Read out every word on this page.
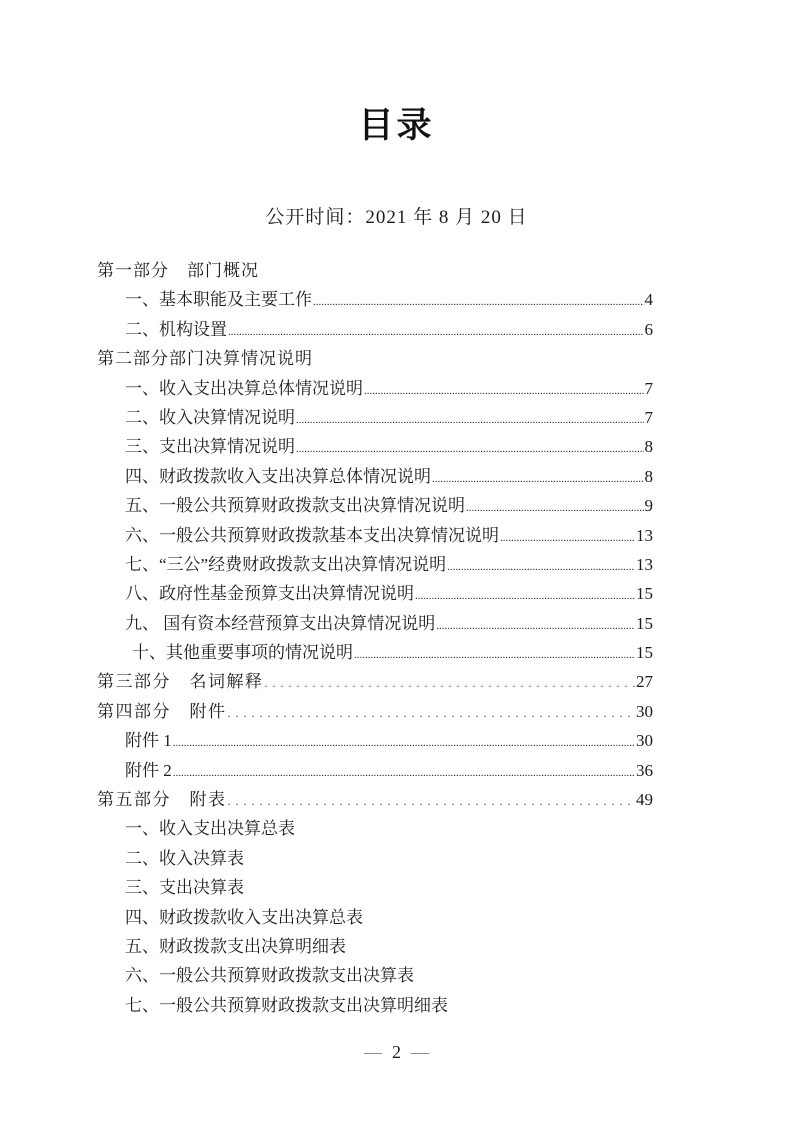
目录
公开时间：2021 年 8 月 20 日
第一部分　部门概况
一、基本职能及主要工作 .....	4
二、机构设置 .....	6
第二部分部门决算情况说明
一、收入支出决算总体情况说明 .....	7
二、收入决算情况说明 .....	7
三、支出决算情况说明 .....	8
四、财政拨款收入支出决算总体情况说明 .....	8
五、一般公共预算财政拨款支出决算情况说明 .....	9
六、一般公共预算财政拨款基本支出决算情况说明 .....	13
七、“三公”经费财政拨款支出决算情况说明 .....	13
八、政府性基金预算支出决算情况说明 .....	15
九、 国有资本经营预算支出决算情况说明 .....	15
十、其他重要事项的情况说明 .....	15
第三部分　名词解释 .....	27
第四部分　附件 .....	30
附件 1 .....	30
附件 2 .....	36
第五部分　附表 .....	49
一、收入支出决算总表
二、收入决算表
三、支出决算表
四、财政拨款收入支出决算总表
五、财政拨款支出决算明细表
六、一般公共预算财政拨款支出决算表
七、一般公共预算财政拨款支出决算明细表
— 2 —
